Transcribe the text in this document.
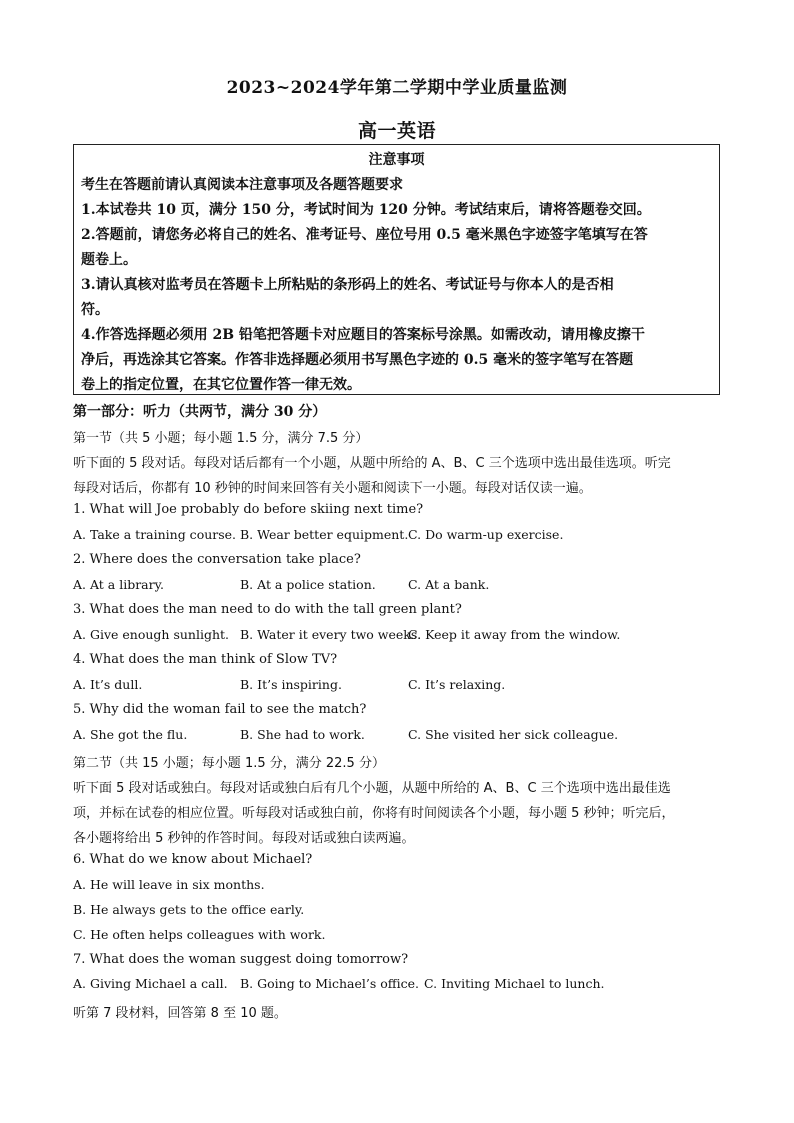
2023~2024学年第二学期中学业质量监测
高一英语
注意事项
考生在答题前请认真阅读本注意事项及各题答题要求
1.本试卷共 10 页，满分 150 分，考试时间为 120 分钟。考试结束后，请将答题卷交回。
2.答题前，请您务必将自己的姓名、准考证号、座位号用 0.5 毫米黑色字迹签字笔填写在答
题卷上。
3.请认真核对监考员在答题卡上所粘贴的条形码上的姓名、考试证号与你本人的是否相
符。
4.作答选择题必须用 2B 铅笔把答题卡对应题目的答案标号涂黑。如需改动，请用橡皮擦干
净后，再选涂其它答案。作答非选择题必须用书写黑色字迹的 0.5 毫米的签字笔写在答题
卷上的指定位置，在其它位置作答一律无效。
第一部分：听力（共两节，满分 30 分）
第一节（共 5 小题；每小题 1.5 分，满分 7.5 分）
听下面的 5 段对话。每段对话后都有一个小题，从题中所给的 A、B、C 三个选项中选出最佳选项。听完
每段对话后，你都有 10 秒钟的时间来回答有关小题和阅读下一小题。每段对话仅读一遍。
1. What will Joe probably do before skiing next time?
A. Take a training course. B. Wear better equipment. C. Do warm-up exercise.
2. Where does the conversation take place?
A. At a library.	B. At a police station.	C. At a bank.
3. What does the man need to do with the tall green plant?
A. Give enough sunlight. B. Water it every two weeks.
C. Keep it away from the window.
4. What does the man think of Slow TV?
A. It’s dull.	B. It’s inspiring.	C. It’s relaxing.
5. Why did the woman fail to see the match?
A. She got the flu.	B. She had to work.	C. She visited her sick colleague.
第二节（共 15 小题；每小题 1.5 分，满分 22.5 分）
听下面 5 段对话或独白。每段对话或独白后有几个小题，从题中所给的 A、B、C 三个选项中选出最佳选
项，并标在试卷的相应位置。听每段对话或独白前，你将有时间阅读各个小题，每小题 5 秒钟；听完后，
各小题将给出 5 秒钟的作答时间。每段对话或独白读两遍。
6. What do we know about Michael?
A. He will leave in six months.
B. He always gets to the office early.
C. He often helps colleagues with work.
7. What does the woman suggest doing tomorrow?
A. Giving Michael a call. B. Going to Michael’s office. C. Inviting Michael to lunch.
听第 7 段材料，回答第 8 至 10 题。
